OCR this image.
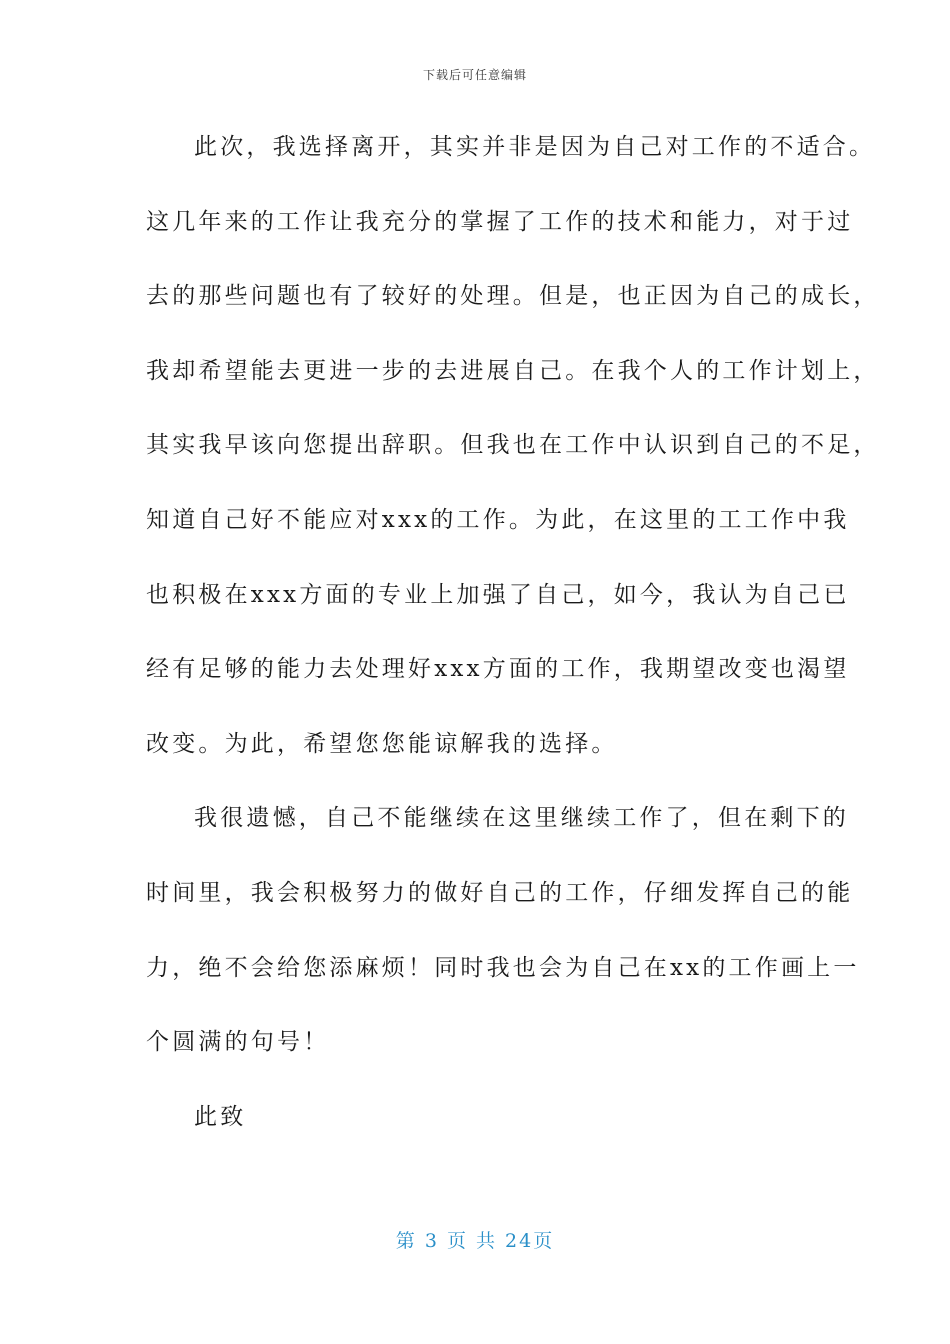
下载后可任意编辑
此次，我选择离开，其实并非是因为自己对工作的不适合。
这几年来的工作让我充分的掌握了工作的技术和能力，对于过
去的那些问题也有了较好的处理。但是，也正因为自己的成长，
我却希望能去更进一步的去进展自己。在我个人的工作计划上，
其实我早该向您提出辞职。但我也在工作中认识到自己的不足，
知道自己好不能应对xxx的工作。为此，在这里的工工作中我
也积极在xxx方面的专业上加强了自己，如今，我认为自己已
经有足够的能力去处理好xxx方面的工作，我期望改变也渴望
改变。为此，希望您您能谅解我的选择。
我很遗憾，自己不能继续在这里继续工作了，但在剩下的
时间里，我会积极努力的做好自己的工作，仔细发挥自己的能
力，绝不会给您添麻烦！同时我也会为自己在xx的工作画上一
个圆满的句号！
此致
第 3 页 共 24页
